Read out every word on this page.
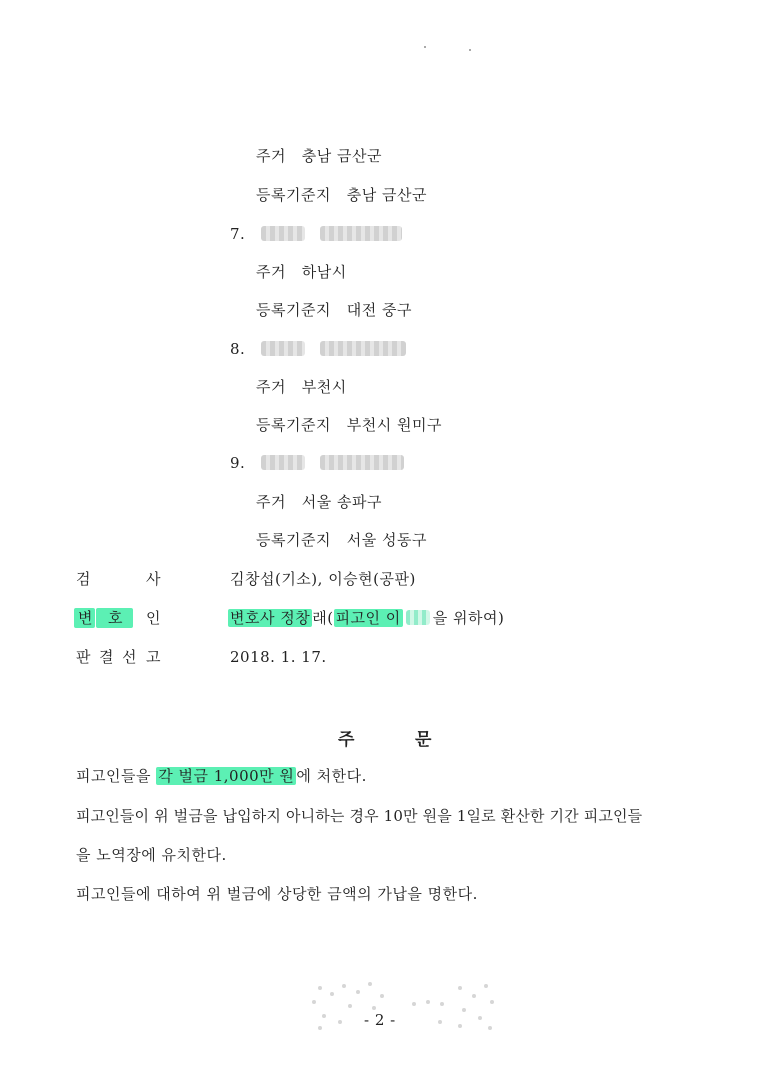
주거 충남 금산군
등록기준지 충남 금산군
7.
주거 하남시
등록기준지 대전 중구
8.
주거 부천시
등록기준지 부천시 원미구
9.
주거 서울 송파구
등록기준지 서울 성동구
검	사	김창섭(기소), 이승현(공판)
변	호	인	변호사 정창 래( 피고인 이 을 위하여)
판 결 선 고	2018. 1. 17.
주	문
피고인들을 각 벌금 1,000만 원 에 처한다.
피고인들이 위 벌금을 납입하지 아니하는 경우 10만 원을 1일로 환산한 기간 피고인들
을 노역장에 유치한다.
피고인들에 대하여 위 벌금에 상당한 금액의 가납을 명한다.
- 2 -
